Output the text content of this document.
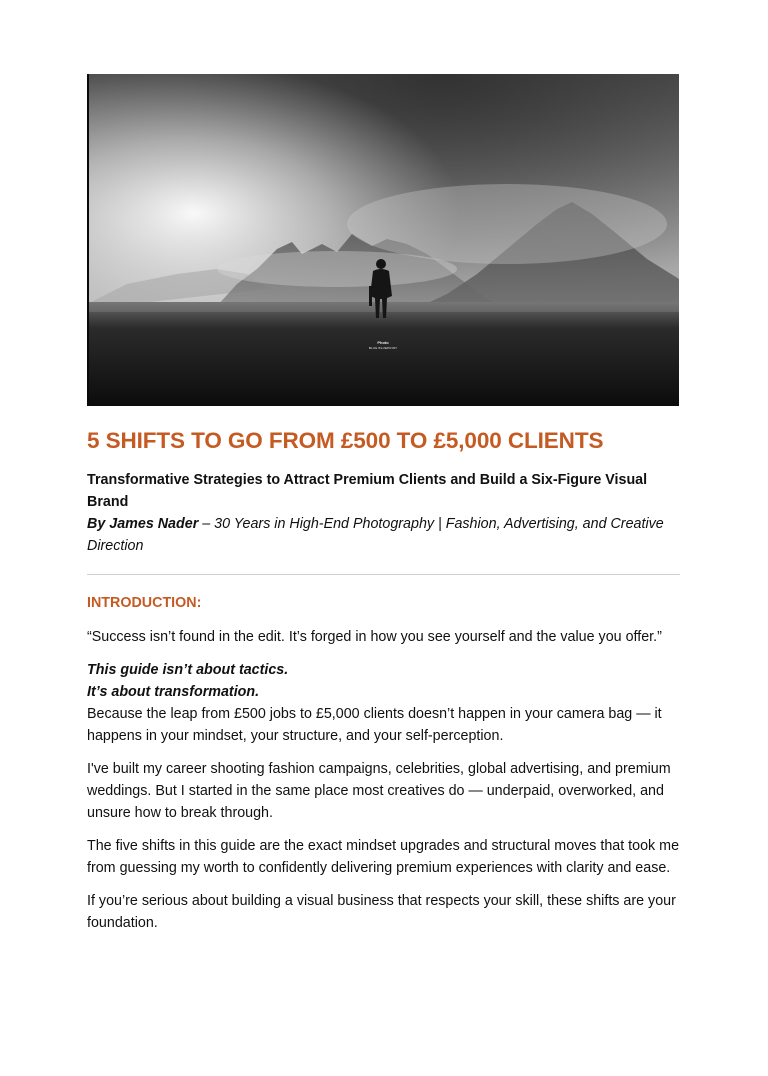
Photo
BLUE BLUEPRINT
5 SHIFTS TO GO FROM £500 TO £5,000 CLIENTS

Transformative Strategies to Attract Premium Clients and Build a Six-Figure Visual Brand

By James Nader – 30 Years in High-End Photography | Fashion, Advertising, and Creative Direction

INTRODUCTION:

“Success isn’t found in the edit. It’s forged in how you see yourself and the value you offer.”

This guide isn’t about tactics.
It’s about transformation.

Because the leap from £500 jobs to £5,000 clients doesn’t happen in your camera bag — it happens in your mindset, your structure, and your self-perception.

I've built my career shooting fashion campaigns, celebrities, global advertising, and premium weddings. But I started in the same place most creatives do — underpaid, overworked, and unsure how to break through.

The five shifts in this guide are the exact mindset upgrades and structural moves that took me from guessing my worth to confidently delivering premium experiences with clarity and ease.

If you’re serious about building a visual business that respects your skill, these shifts are your foundation.
